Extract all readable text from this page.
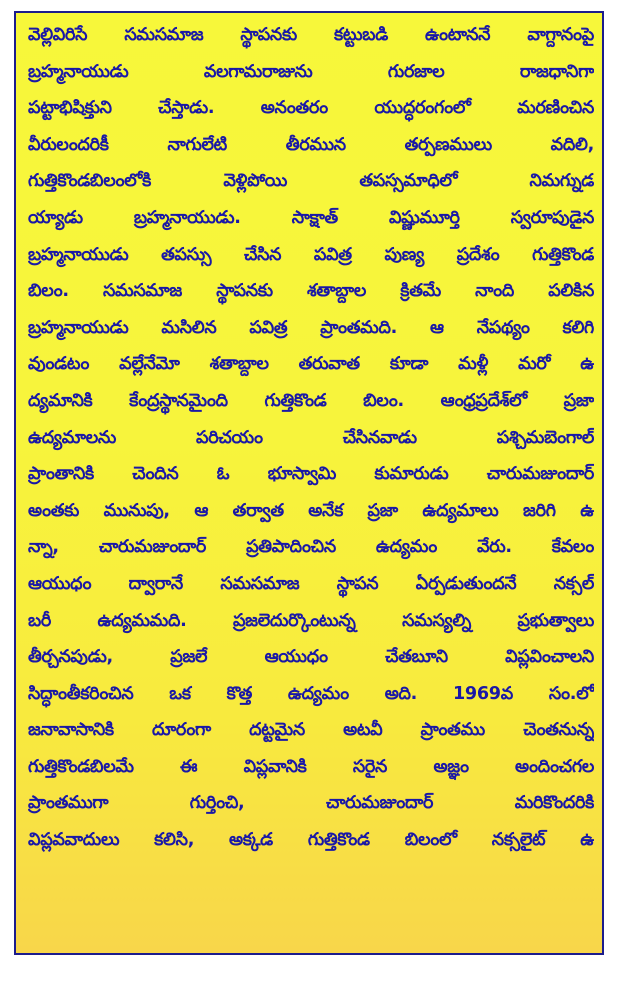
వెల్లివిరిసే సమసమాజ స్థాపనకు కట్టుబడి ఉంటాననే వాగ్దానంపై
బ్రహ్మనాయుడు వలగామరాజును గురజాల రాజధానిగా
పట్టాభిషిక్తుని చేస్తాడు. అనంతరం యుద్ధరంగంలో మరణించిన
వీరులందరికీ నాగులేటి తీరమున తర్పణములు వదిలి,
గుత్తికొండబిలంలోకి వెళ్లిపోయి తపస్సమాధిలో నిమగ్నుడ
య్యాడు బ్రహ్మనాయుడు. సాక్షాత్ విష్ణుమూర్తి స్వరూపుడైన
బ్రహ్మనాయుడు తపస్సు చేసిన పవిత్ర పుణ్య ప్రదేశం గుత్తికొండ
బిలం. సమసమాజ స్థాపనకు శతాబ్దాల క్రితమే నాంది పలికిన
బ్రహ్మనాయుడు మసిలిన పవిత్ర ప్రాంతమది. ఆ నేపథ్యం కలిగి
వుండటం వల్లేనేమో శతాబ్దాల తరువాత కూడా మళ్లీ మరో ఉ
ద్యమానికి కేంద్రస్థానమైంది గుత్తికొండ బిలం. ఆంధ్రప్రదేశ్‌లో ప్రజా
ఉద్యమాలను పరిచయం చేసినవాడు పశ్చిమబెంగాల్
ప్రాంతానికి చెందిన ఓ భూస్వామి కుమారుడు చారుమజుందార్
అంతకు మునుపు, ఆ తర్వాత అనేక ప్రజా ఉద్యమాలు జరిగి ఉ
న్నా, చారుమజుందార్ ప్రతిపాదించిన ఉద్యమం వేరు. కేవలం
ఆయుధం ద్వారానే సమసమాజ స్థాపన ఏర్పడుతుందనే నక్సల్
బరీ ఉద్యమమది. ప్రజలెదుర్కొంటున్న సమస్యల్ని ప్రభుత్వాలు
తీర్చనపుడు, ప్రజలే ఆయుధం చేతబూని విప్లవించాలని
సిద్ధాంతీకరించిన ఒక కొత్త ఉద్యమం అది. 1969వ సం.లో
జనావాసానికి దూరంగా దట్టమైన అటవీ ప్రాంతము చెంతనున్న
గుత్తికొండబిలమే ఈ విప్లవానికి సరైన అజ్ఞం అందించగల
ప్రాంతముగా గుర్తించి, చారుమజుందార్ మరికొందరికి
విప్లవవాదులు కలిసి, అక్కడ గుత్తికొండ బిలంలో నక్సలైట్ ఉ
